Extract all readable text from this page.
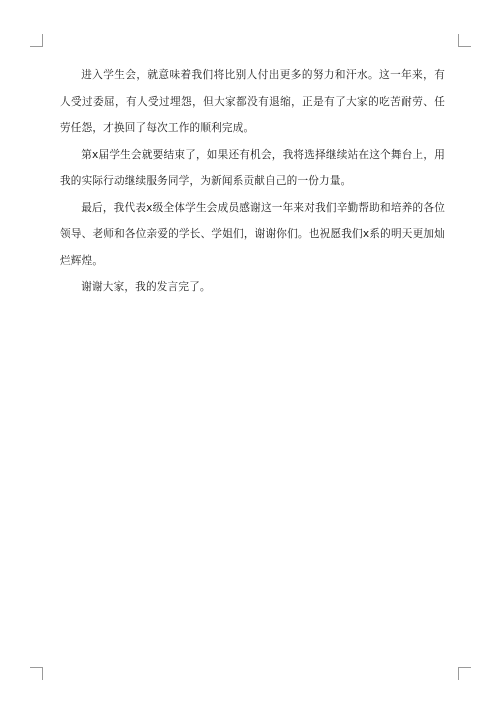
进入学生会，就意味着我们将比别人付出更多的努力和汗水。这一年来，有人受过委屈，有人受过埋怨，但大家都没有退缩，正是有了大家的吃苦耐劳、任劳任怨，才换回了每次工作的顺利完成。

第x届学生会就要结束了，如果还有机会，我将选择继续站在这个舞台上，用我的实际行动继续服务同学，为新闻系贡献自己的一份力量。

最后，我代表x级全体学生会成员感谢这一年来对我们辛勤帮助和培养的各位领导、老师和各位亲爱的学长、学姐们，谢谢你们。也祝愿我们x系的明天更加灿烂辉煌。

谢谢大家，我的发言完了。
